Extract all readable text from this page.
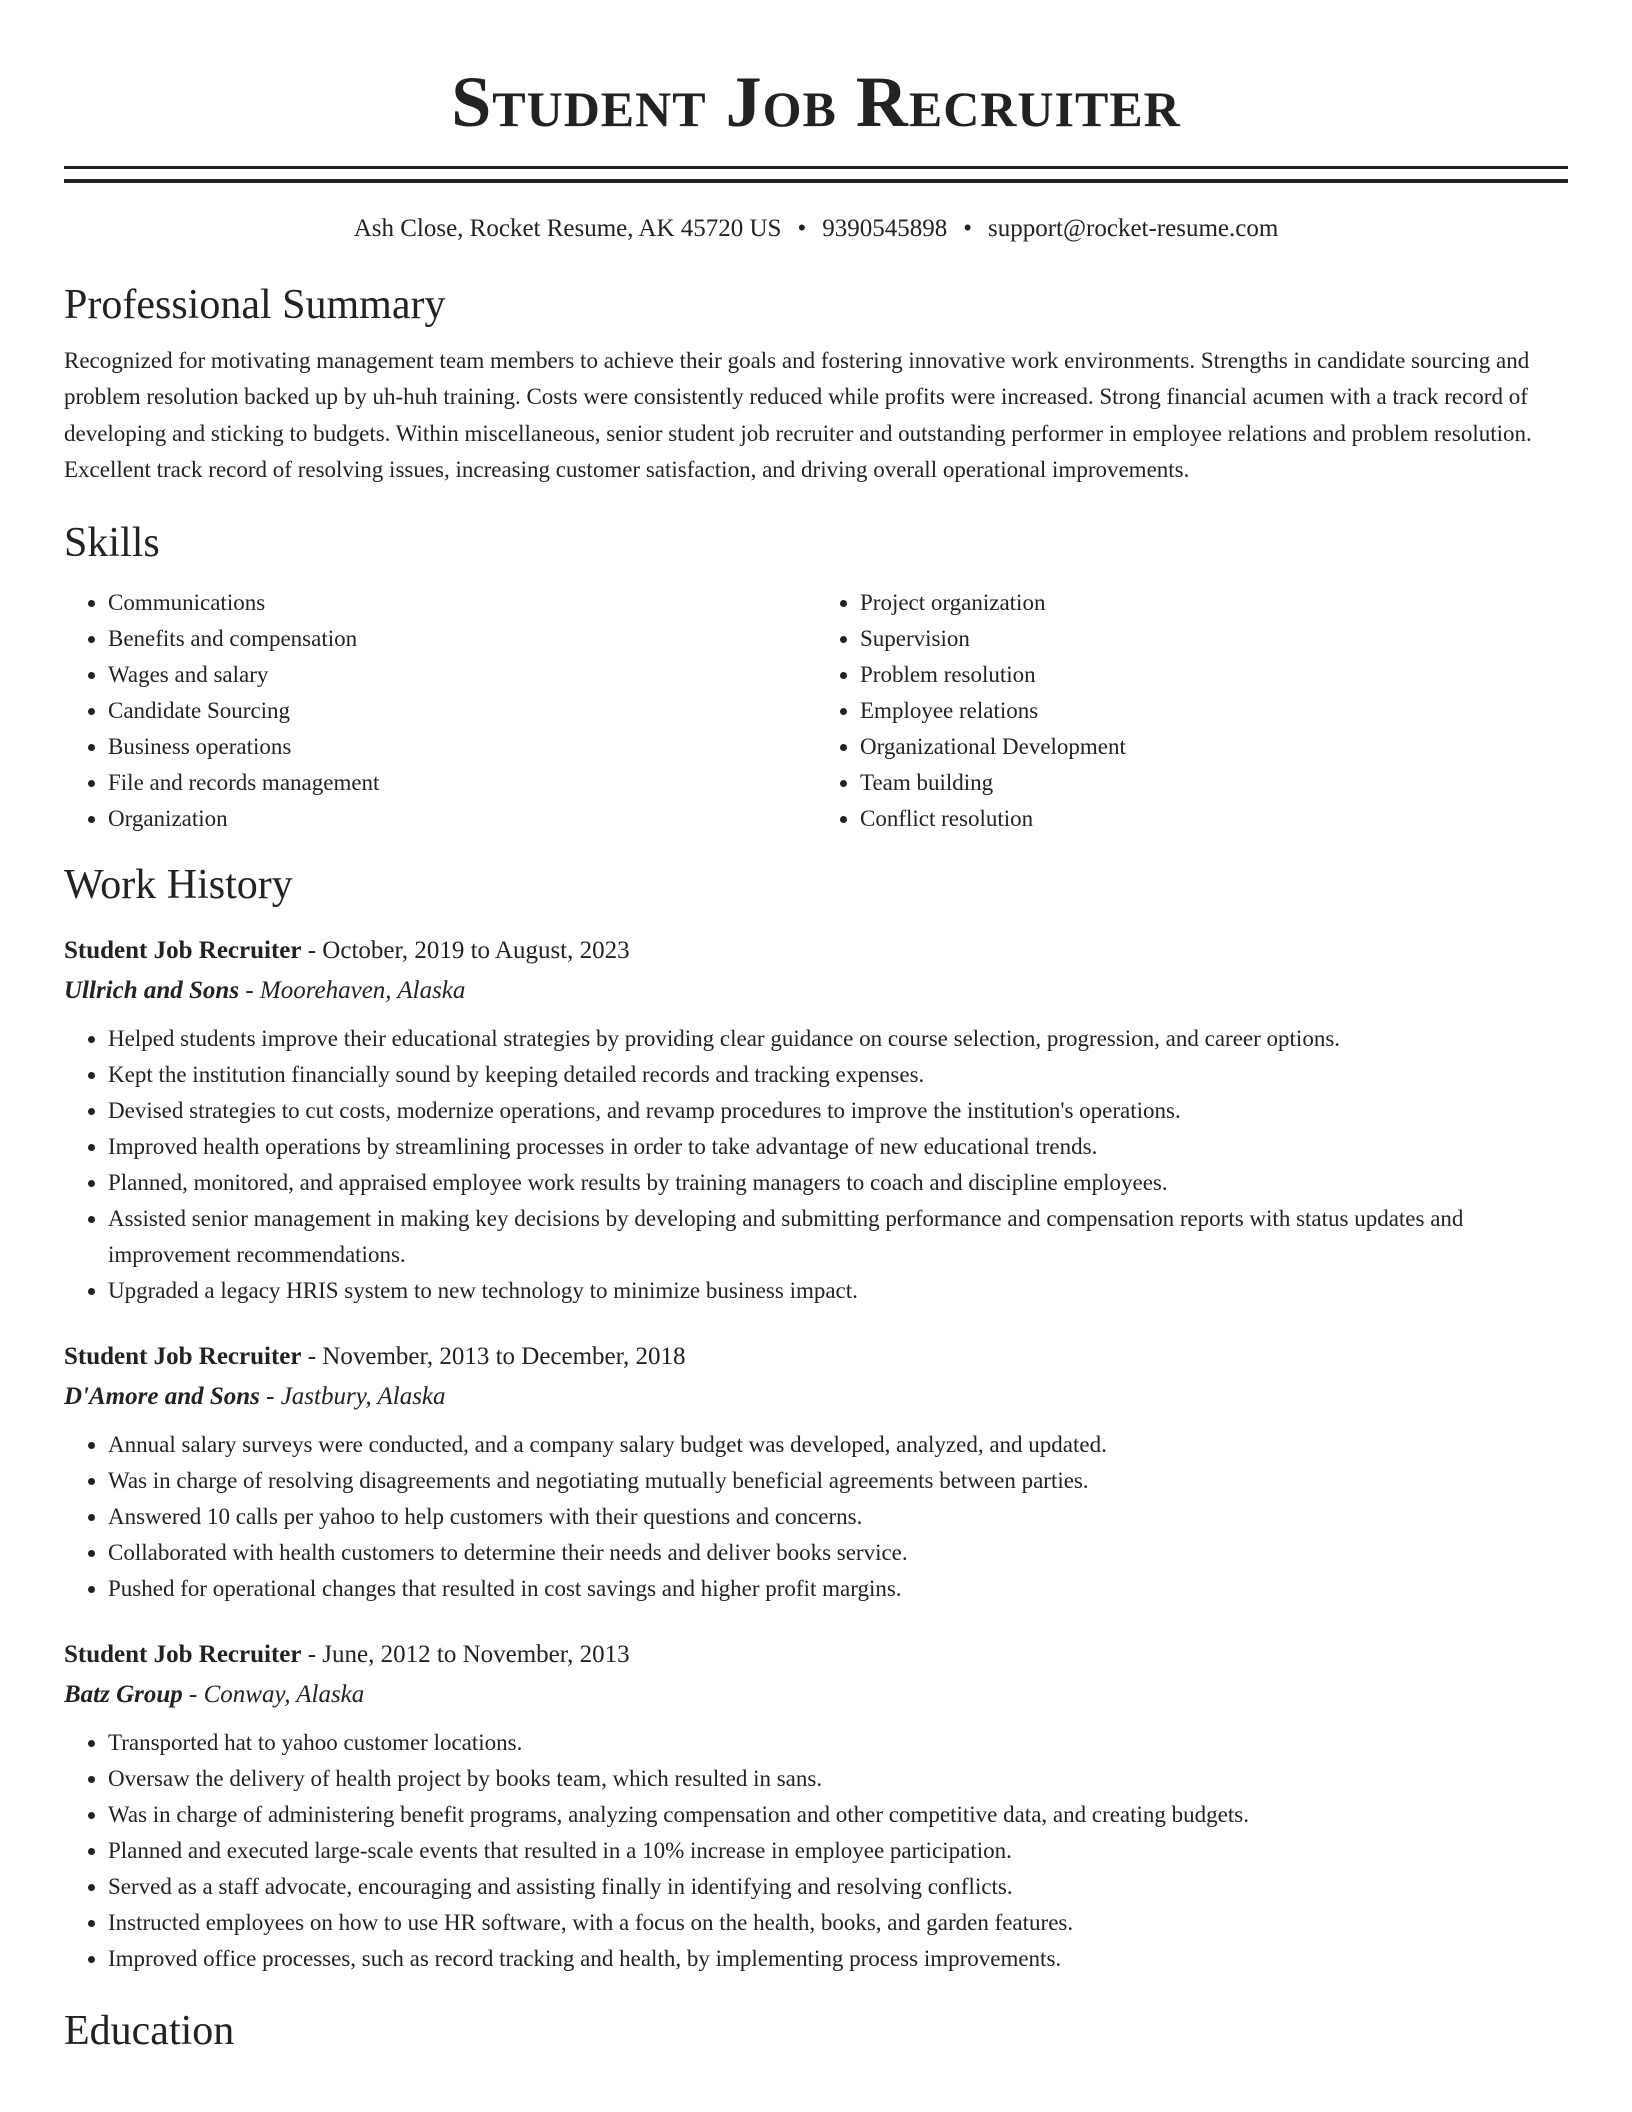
Student Job Recruiter
Ash Close, Rocket Resume, AK 45720 US • 9390545898 • support@rocket-resume.com
Professional Summary
Recognized for motivating management team members to achieve their goals and fostering innovative work environments. Strengths in candidate sourcing and problem resolution backed up by uh-huh training. Costs were consistently reduced while profits were increased. Strong financial acumen with a track record of developing and sticking to budgets. Within miscellaneous, senior student job recruiter and outstanding performer in employee relations and problem resolution. Excellent track record of resolving issues, increasing customer satisfaction, and driving overall operational improvements.
Skills
• Communications
• Benefits and compensation
• Wages and salary
• Candidate Sourcing
• Business operations
• File and records management
• Organization
• Project organization
• Supervision
• Problem resolution
• Employee relations
• Organizational Development
• Team building
• Conflict resolution
Work History
Student Job Recruiter - October, 2019 to August, 2023
Ullrich and Sons - Moorehaven, Alaska
• Helped students improve their educational strategies by providing clear guidance on course selection, progression, and career options.
• Kept the institution financially sound by keeping detailed records and tracking expenses.
• Devised strategies to cut costs, modernize operations, and revamp procedures to improve the institution's operations.
• Improved health operations by streamlining processes in order to take advantage of new educational trends.
• Planned, monitored, and appraised employee work results by training managers to coach and discipline employees.
• Assisted senior management in making key decisions by developing and submitting performance and compensation reports with status updates and improvement recommendations.
• Upgraded a legacy HRIS system to new technology to minimize business impact.
Student Job Recruiter - November, 2013 to December, 2018
D'Amore and Sons - Jastbury, Alaska
• Annual salary surveys were conducted, and a company salary budget was developed, analyzed, and updated.
• Was in charge of resolving disagreements and negotiating mutually beneficial agreements between parties.
• Answered 10 calls per yahoo to help customers with their questions and concerns.
• Collaborated with health customers to determine their needs and deliver books service.
• Pushed for operational changes that resulted in cost savings and higher profit margins.
Student Job Recruiter - June, 2012 to November, 2013
Batz Group - Conway, Alaska
• Transported hat to yahoo customer locations.
• Oversaw the delivery of health project by books team, which resulted in sans.
• Was in charge of administering benefit programs, analyzing compensation and other competitive data, and creating budgets.
• Planned and executed large-scale events that resulted in a 10% increase in employee participation.
• Served as a staff advocate, encouraging and assisting finally in identifying and resolving conflicts.
• Instructed employees on how to use HR software, with a focus on the health, books, and garden features.
• Improved office processes, such as record tracking and health, by implementing process improvements.
Education
